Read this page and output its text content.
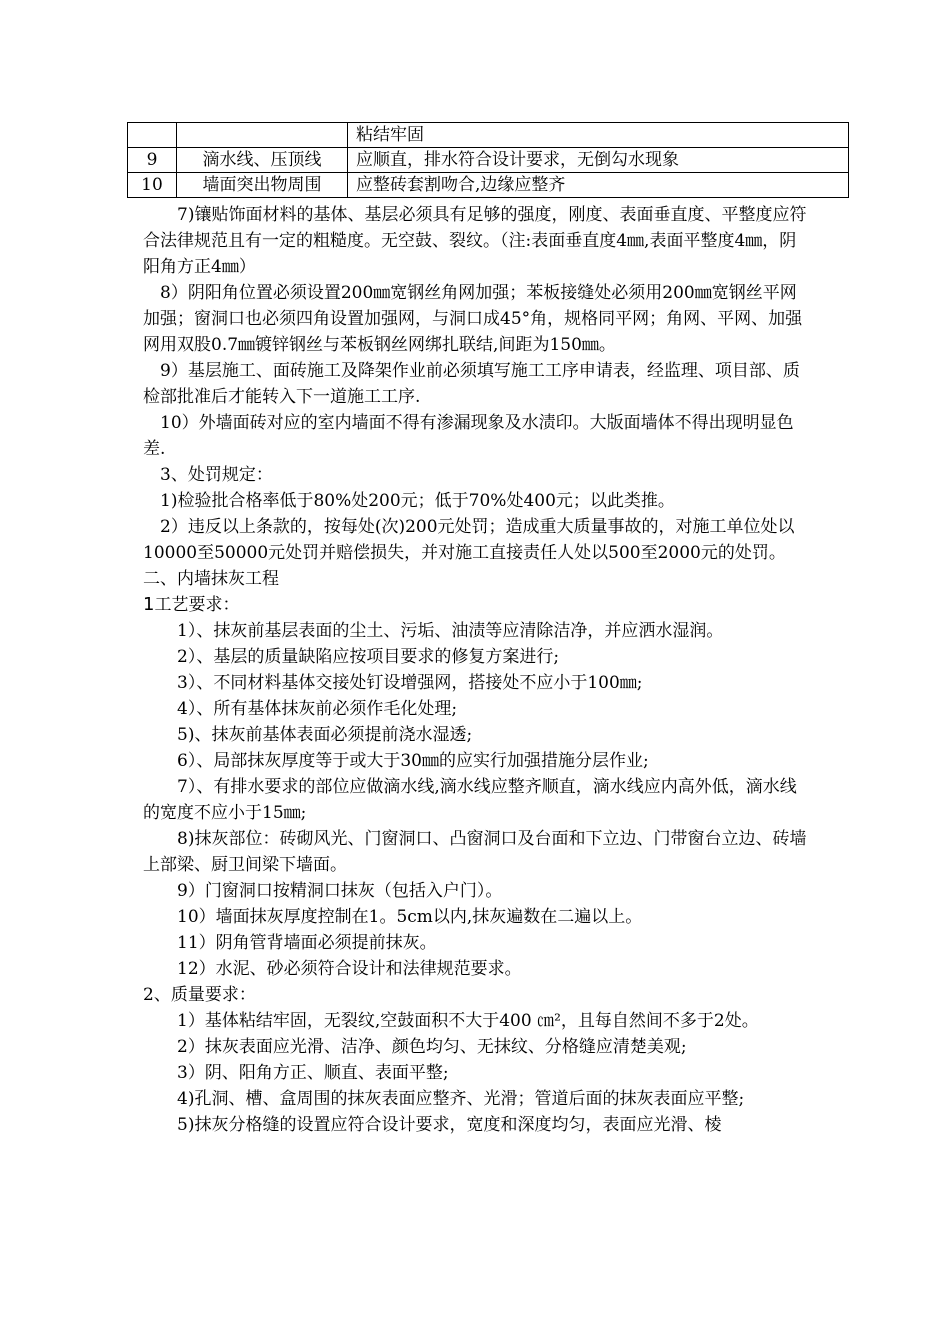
		粘结牢固
9	滴水线、压顶线	应顺直，排水符合设计要求，无倒勾水现象
10	墙面突出物周围	应整砖套割吻合,边缘应整齐

7)镶贴饰面材料的基体、基层必须具有足够的强度，刚度、表面垂直度、平整度应符合法律规范且有一定的粗糙度。无空鼓、裂纹。（注:表面垂直度4㎜,表面平整度4㎜，阴阳角方正4㎜）

8）阴阳角位置必须设置200㎜宽钢丝角网加强；苯板接缝处必须用200㎜宽钢丝平网加强；窗洞口也必须四角设置加强网，与洞口成45°角，规格同平网；角网、平网、加强网用双股0.7㎜镀锌钢丝与苯板钢丝网绑扎联结,间距为150㎜。

9）基层施工、面砖施工及降架作业前必须填写施工工序申请表，经监理、项目部、质检部批准后才能转入下一道施工工序.

10）外墙面砖对应的室内墙面不得有渗漏现象及水渍印。大版面墙体不得出现明显色差.

3、处罚规定：

1)检验批合格率低于80%处200元；低于70%处400元；以此类推。

2）违反以上条款的，按每处(次)200元处罚；造成重大质量事故的，对施工单位处以10000至50000元处罚并赔偿损失，并对施工直接责任人处以500至2000元的处罚。

二、内墙抹灰工程

1工艺要求：

1）、抹灰前基层表面的尘土、污垢、油渍等应清除洁净，并应洒水湿润。

2）、基层的质量缺陷应按项目要求的修复方案进行;

3）、不同材料基体交接处钉设增强网，搭接处不应小于100㎜;

4）、所有基体抹灰前必须作毛化处理;

5)、抹灰前基体表面必须提前浇水湿透;

6）、局部抹灰厚度等于或大于30㎜的应实行加强措施分层作业;

7）、有排水要求的部位应做滴水线,滴水线应整齐顺直，滴水线应内高外低，滴水线的宽度不应小于15㎜;

8)抹灰部位：砖砌风光、门窗洞口、凸窗洞口及台面和下立边、门带窗台立边、砖墙上部梁、厨卫间梁下墙面。

9）门窗洞口按精洞口抹灰（包括入户门）。

10）墙面抹灰厚度控制在1。5cm以内,抹灰遍数在二遍以上。

11）阴角管背墙面必须提前抹灰。

12）水泥、砂必须符合设计和法律规范要求。

2、质量要求：

1）基体粘结牢固，无裂纹,空鼓面积不大于400 ㎝²，且每自然间不多于2处。

2）抹灰表面应光滑、洁净、颜色均匀、无抹纹、分格缝应清楚美观;

3）阴、阳角方正、顺直、表面平整;

4)孔洞、槽、盒周围的抹灰表面应整齐、光滑；管道后面的抹灰表面应平整;

5)抹灰分格缝的设置应符合设计要求，宽度和深度均匀，表面应光滑、棱
